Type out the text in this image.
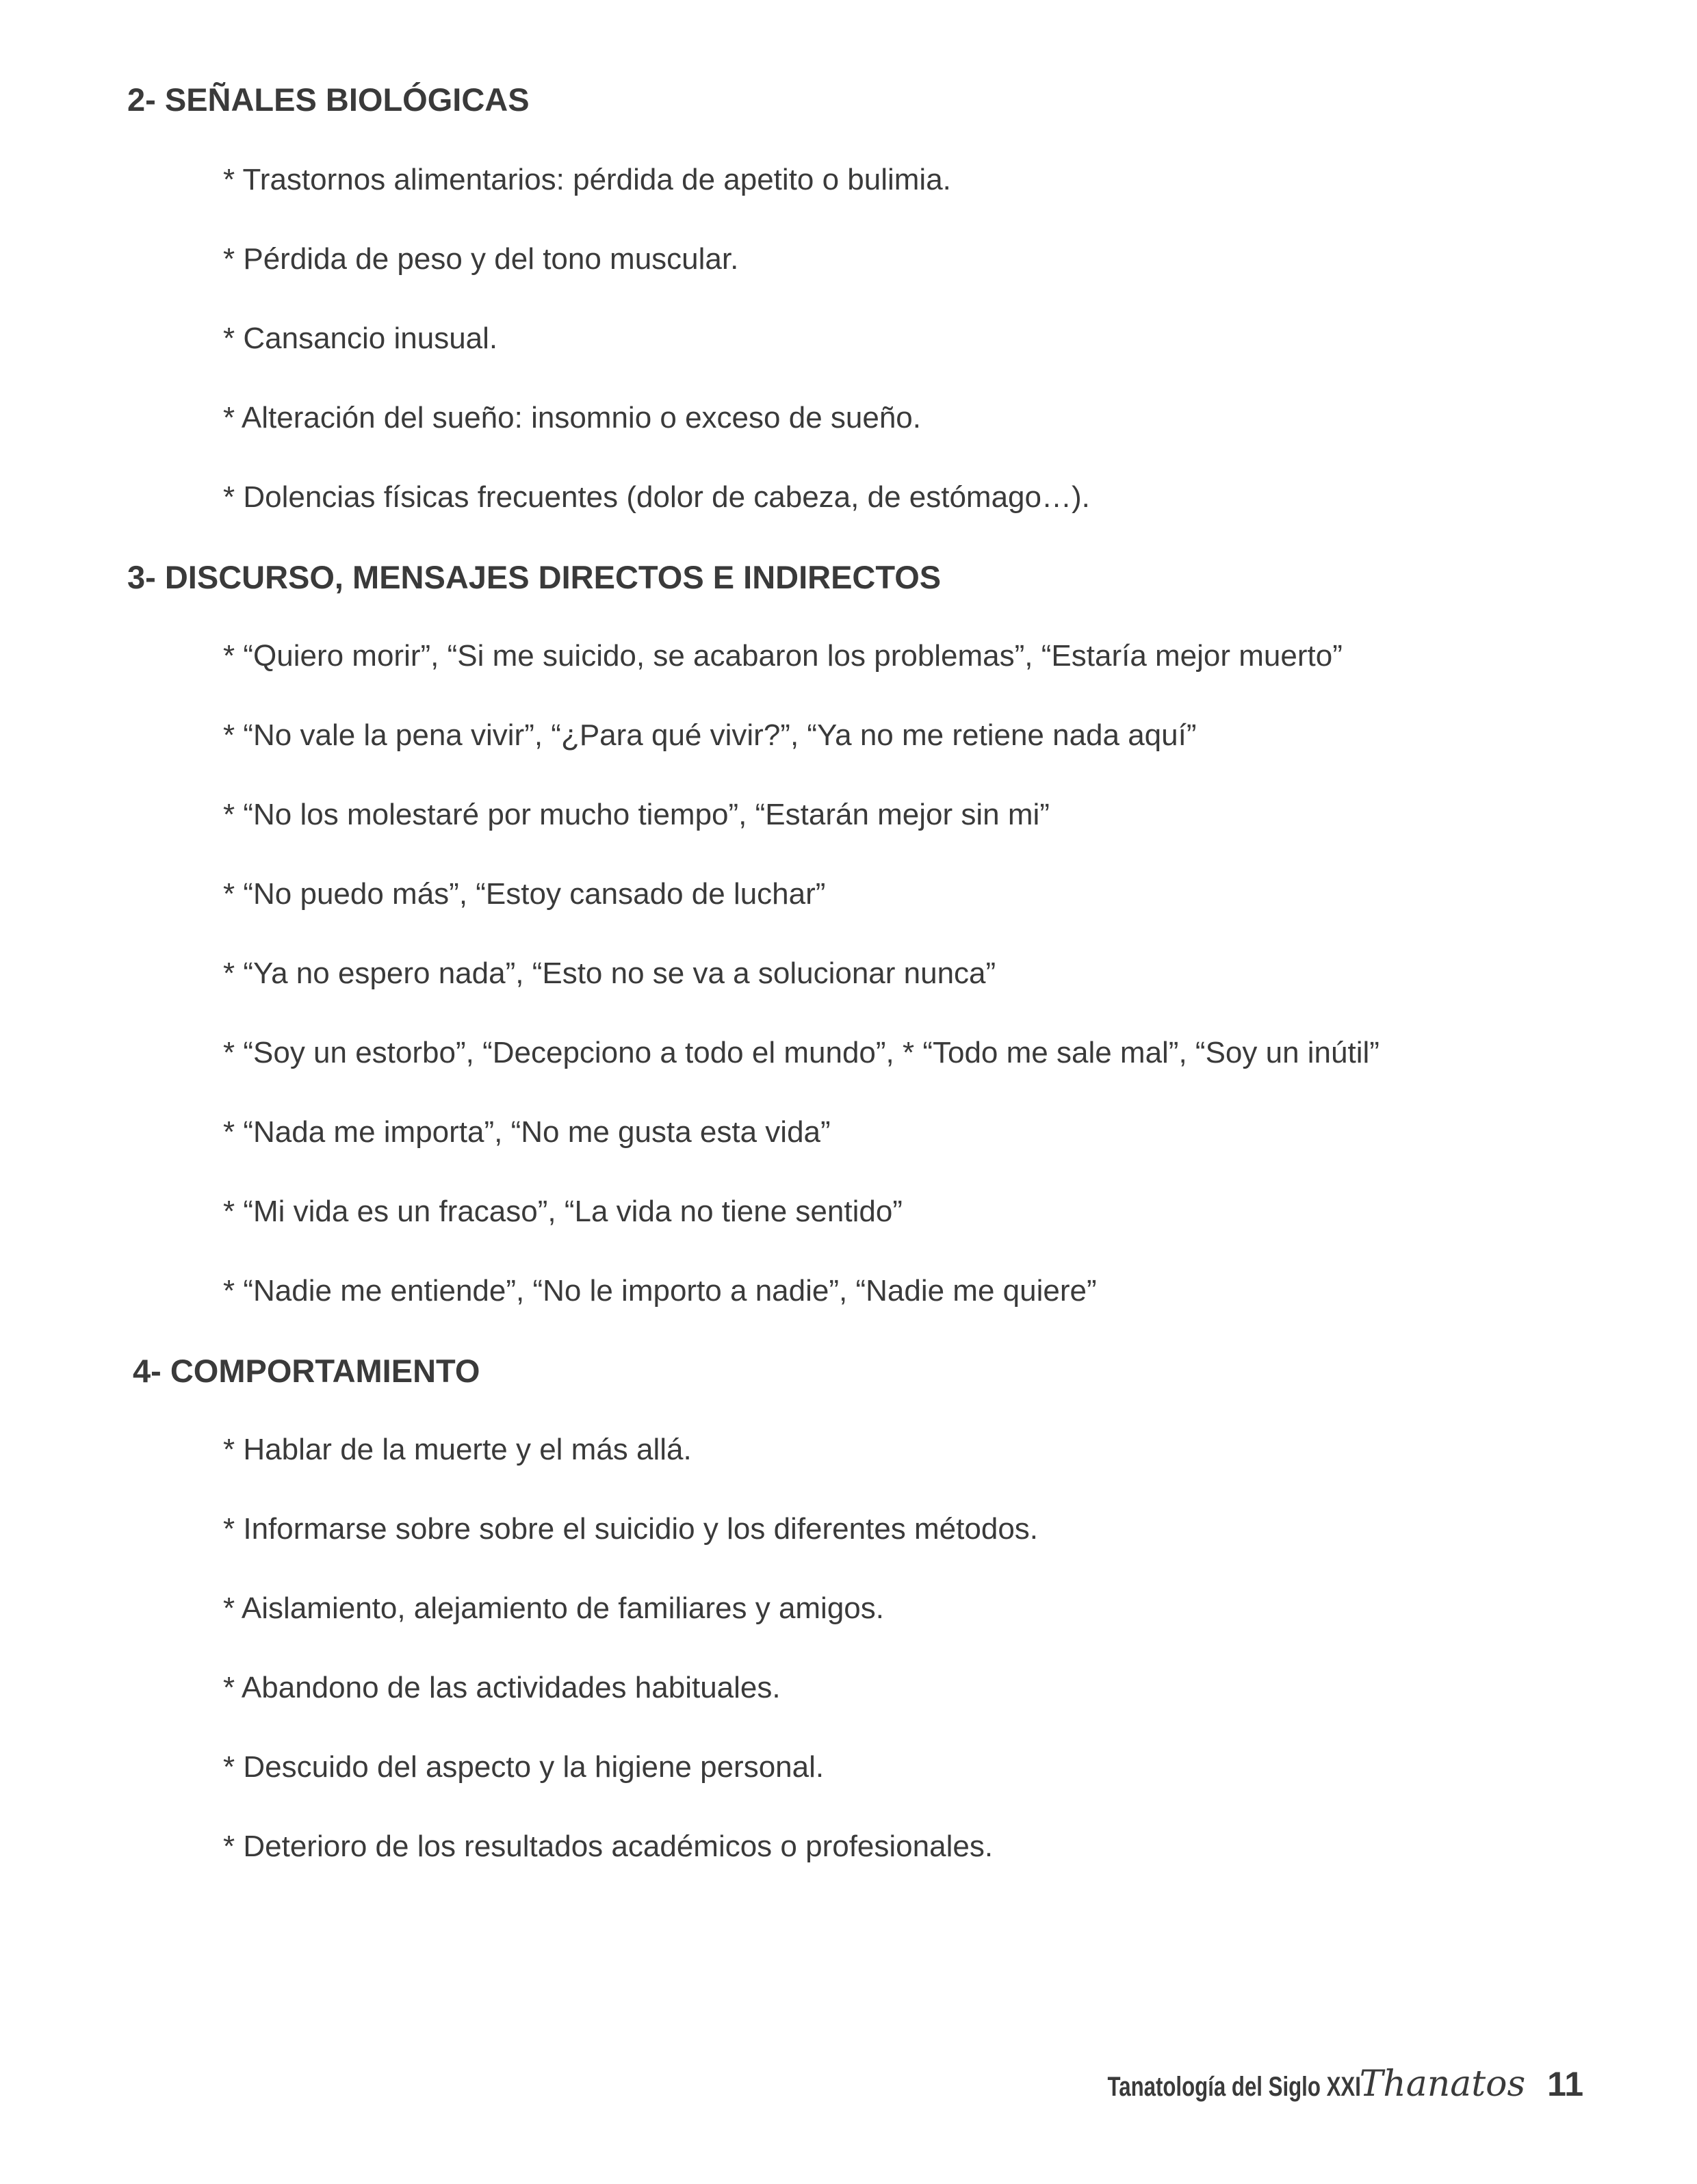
2- SEÑALES BIOLÓGICAS
* Trastornos alimentarios: pérdida de apetito o bulimia.
* Pérdida de peso y del tono muscular.
* Cansancio inusual.
* Alteración del sueño: insomnio o exceso de sueño.
* Dolencias físicas frecuentes (dolor de cabeza, de estómago…).
3- DISCURSO, MENSAJES DIRECTOS E INDIRECTOS
* “Quiero morir”, “Si me suicido, se acabaron los problemas”, “Estaría mejor muerto”
* “No vale la pena vivir”, “¿Para qué vivir?”, “Ya no me retiene nada aquí”
* “No los molestaré por mucho tiempo”, “Estarán mejor sin mi”
* “No puedo más”, “Estoy cansado de luchar”
* “Ya no espero nada”, “Esto no se va a solucionar nunca”
* “Soy un estorbo”, “Decepciono a todo el mundo”, * “Todo me sale mal”, “Soy un inútil”
* “Nada me importa”, “No me gusta esta vida”
* “Mi vida es un fracaso”, “La vida no tiene sentido”
* “Nadie me entiende”, “No le importo a nadie”, “Nadie me quiere”
4- COMPORTAMIENTO
* Hablar de la muerte y el más allá.
* Informarse sobre sobre el suicidio y los diferentes métodos.
* Aislamiento, alejamiento de familiares y amigos.
* Abandono de las actividades habituales.
* Descuido del aspecto y la higiene personal.
* Deterioro de los resultados académicos o profesionales.
Tanatología del Siglo XXI
Thanatos 11
